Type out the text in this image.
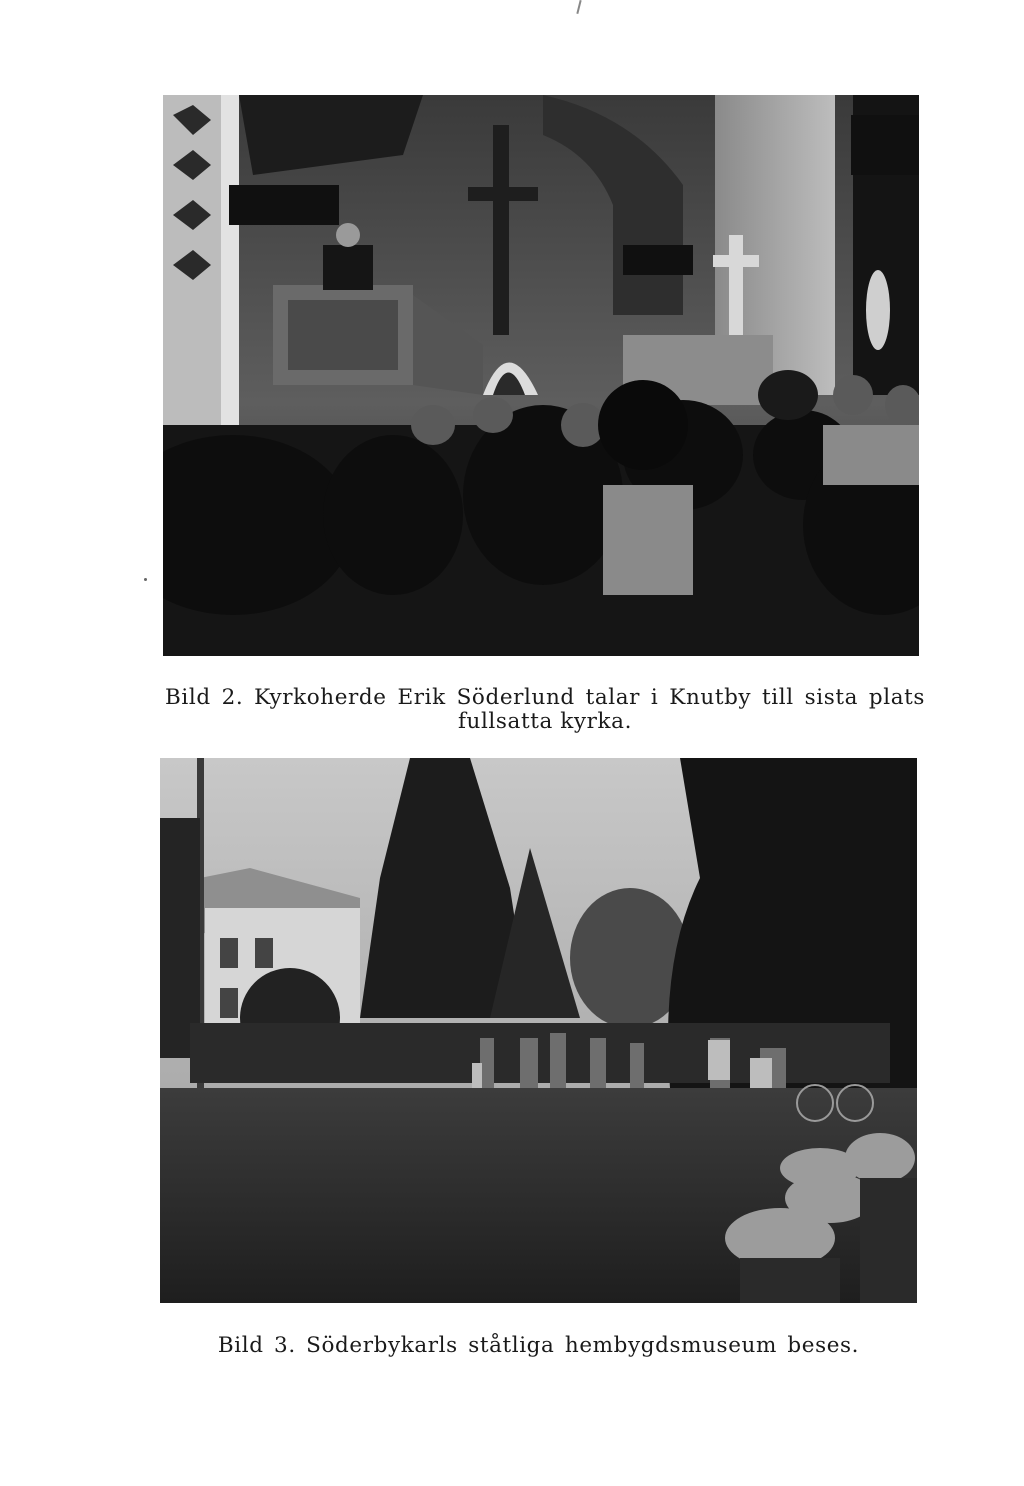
Bild 2. Kyrkoherde Erik Söderlund talar i Knutby till sista plats fullsatta kyrka.
Bild 3. Söderbykarls ståtliga hembygdsmuseum beses.
